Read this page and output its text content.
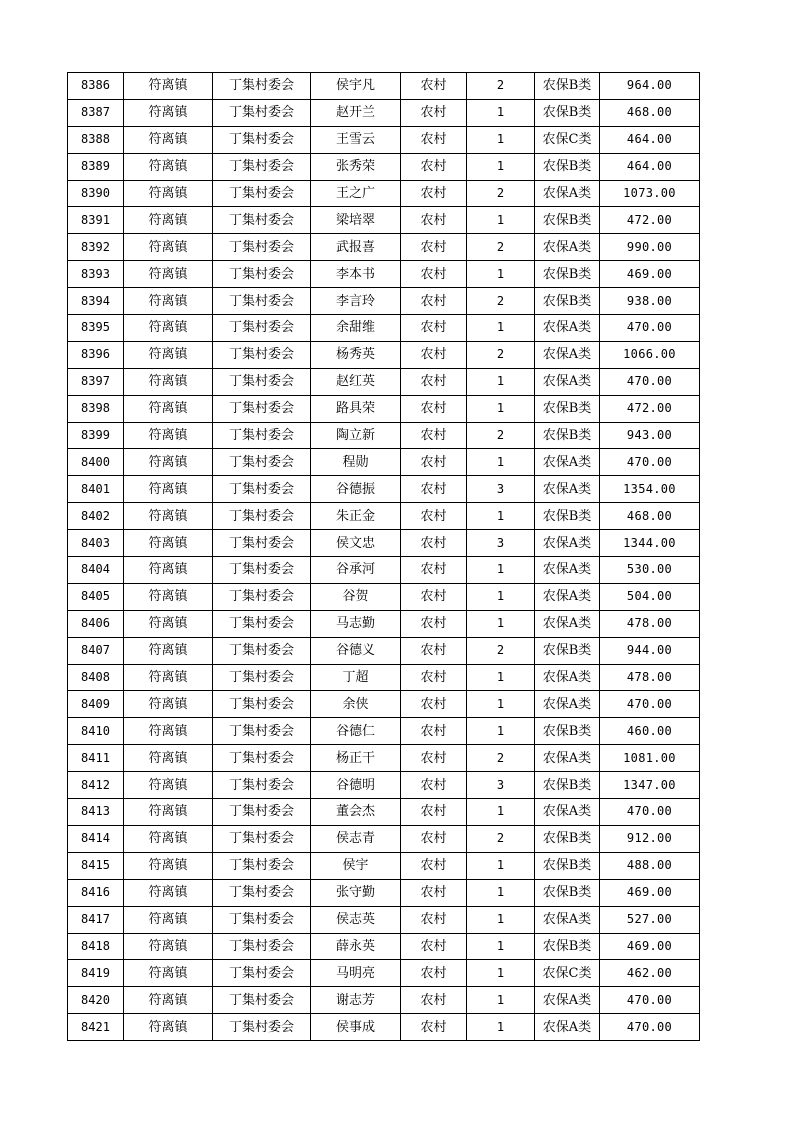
8386	符离镇	丁集村委会	侯宇凡	农村	2	农保B类	964.00
8387	符离镇	丁集村委会	赵开兰	农村	1	农保B类	468.00
8388	符离镇	丁集村委会	王雪云	农村	1	农保C类	464.00
8389	符离镇	丁集村委会	张秀荣	农村	1	农保B类	464.00
8390	符离镇	丁集村委会	王之广	农村	2	农保A类	1073.00
8391	符离镇	丁集村委会	梁培翠	农村	1	农保B类	472.00
8392	符离镇	丁集村委会	武报喜	农村	2	农保A类	990.00
8393	符离镇	丁集村委会	李本书	农村	1	农保B类	469.00
8394	符离镇	丁集村委会	李言玲	农村	2	农保B类	938.00
8395	符离镇	丁集村委会	余甜维	农村	1	农保A类	470.00
8396	符离镇	丁集村委会	杨秀英	农村	2	农保A类	1066.00
8397	符离镇	丁集村委会	赵红英	农村	1	农保A类	470.00
8398	符离镇	丁集村委会	路具荣	农村	1	农保B类	472.00
8399	符离镇	丁集村委会	陶立新	农村	2	农保B类	943.00
8400	符离镇	丁集村委会	程勋	农村	1	农保A类	470.00
8401	符离镇	丁集村委会	谷德振	农村	3	农保A类	1354.00
8402	符离镇	丁集村委会	朱正金	农村	1	农保B类	468.00
8403	符离镇	丁集村委会	侯文忠	农村	3	农保A类	1344.00
8404	符离镇	丁集村委会	谷承河	农村	1	农保A类	530.00
8405	符离镇	丁集村委会	谷贺	农村	1	农保A类	504.00
8406	符离镇	丁集村委会	马志勤	农村	1	农保A类	478.00
8407	符离镇	丁集村委会	谷德义	农村	2	农保B类	944.00
8408	符离镇	丁集村委会	丁超	农村	1	农保A类	478.00
8409	符离镇	丁集村委会	余侠	农村	1	农保A类	470.00
8410	符离镇	丁集村委会	谷德仁	农村	1	农保B类	460.00
8411	符离镇	丁集村委会	杨正干	农村	2	农保A类	1081.00
8412	符离镇	丁集村委会	谷德明	农村	3	农保B类	1347.00
8413	符离镇	丁集村委会	董会杰	农村	1	农保A类	470.00
8414	符离镇	丁集村委会	侯志青	农村	2	农保B类	912.00
8415	符离镇	丁集村委会	侯宇	农村	1	农保B类	488.00
8416	符离镇	丁集村委会	张守勤	农村	1	农保B类	469.00
8417	符离镇	丁集村委会	侯志英	农村	1	农保A类	527.00
8418	符离镇	丁集村委会	薛永英	农村	1	农保B类	469.00
8419	符离镇	丁集村委会	马明亮	农村	1	农保C类	462.00
8420	符离镇	丁集村委会	谢志芳	农村	1	农保A类	470.00
8421	符离镇	丁集村委会	侯事成	农村	1	农保A类	470.00
